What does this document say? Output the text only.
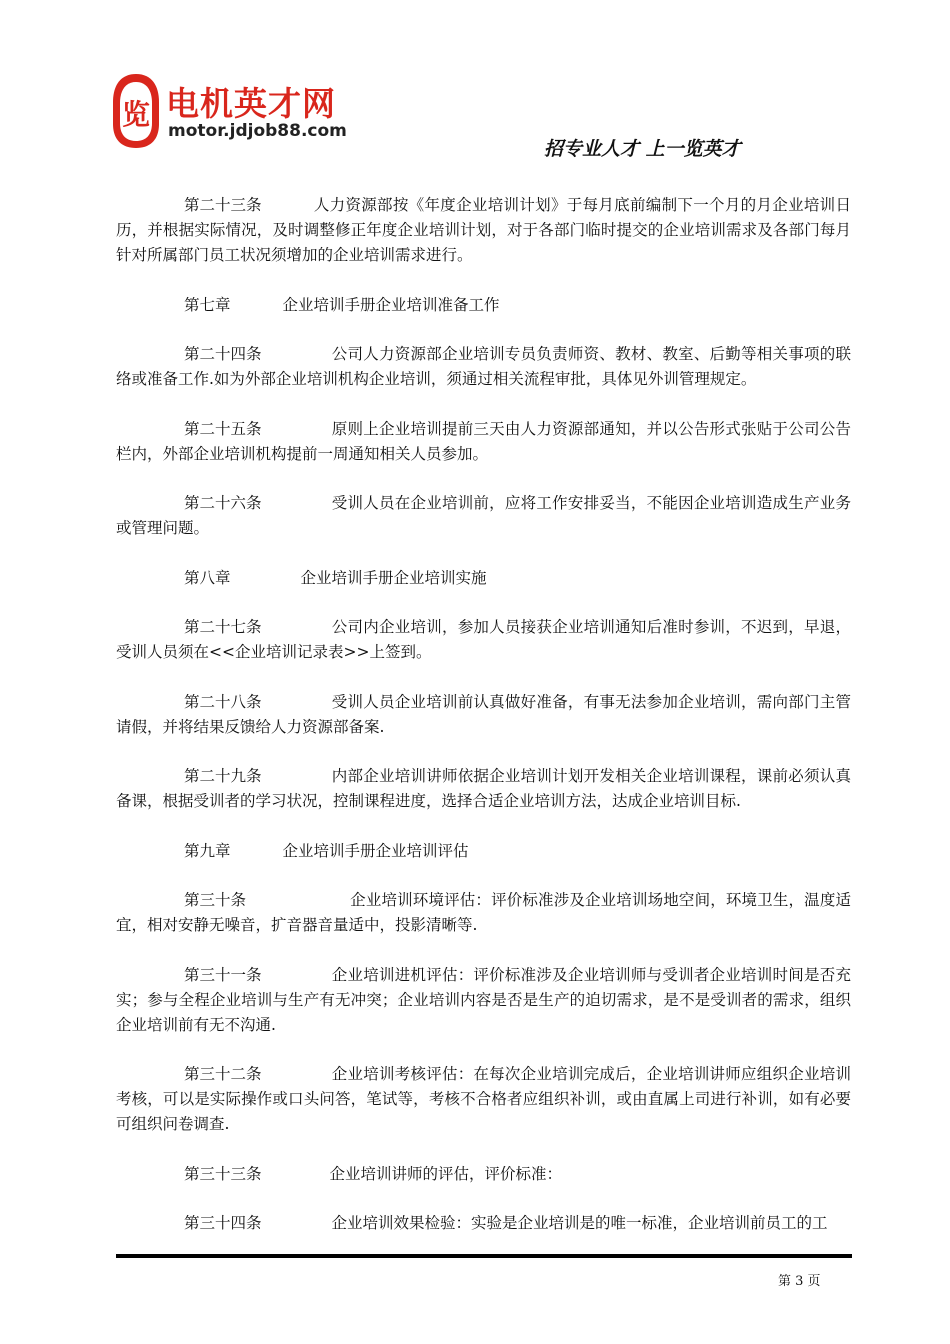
览 电机英才网
motor.jdjob88.com
招专业人才 上一览英才

第二十三条	人力资源部按《年度企业培训计划》于每月底前编制下一个月的月企业培训日历，并根据实际情况，及时调整修正年度企业培训计划，对于各部门临时提交的企业培训需求及各部门每月针对所属部门员工状况须增加的企业培训需求进行。

第七章	企业培训手册企业培训准备工作

第二十四条	公司人力资源部企业培训专员负责师资、教材、教室、后勤等相关事项的联络或准备工作.如为外部企业培训机构企业培训，须通过相关流程审批，具体见外训管理规定。

第二十五条	原则上企业培训提前三天由人力资源部通知，并以公告形式张贴于公司公告栏内，外部企业培训机构提前一周通知相关人员参加。

第二十六条	受训人员在企业培训前，应将工作安排妥当，不能因企业培训造成生产业务或管理问题。

第八章	企业培训手册企业培训实施

第二十七条	公司内企业培训，参加人员接获企业培训通知后准时参训，不迟到，早退，受训人员须在<<企业培训记录表>>上签到。

第二十八条	受训人员企业培训前认真做好准备，有事无法参加企业培训，需向部门主管请假，并将结果反馈给人力资源部备案.

第二十九条	内部企业培训讲师依据企业培训计划开发相关企业培训课程，课前必须认真备课，根据受训者的学习状况，控制课程进度，选择合适企业培训方法，达成企业培训目标.

第九章	企业培训手册企业培训评估

第三十条	企业培训环境评估：评价标准涉及企业培训场地空间，环境卫生，温度适宜，相对安静无噪音，扩音器音量适中，投影清晰等.

第三十一条	企业培训进机评估：评价标准涉及企业培训师与受训者企业培训时间是否充实；参与全程企业培训与生产有无冲突；企业培训内容是否是生产的迫切需求，是不是受训者的需求，组织企业培训前有无不沟通.

第三十二条	企业培训考核评估：在每次企业培训完成后，企业培训讲师应组织企业培训考核，可以是实际操作或口头问答，笔试等，考核不合格者应组织补训，或由直属上司进行补训，如有必要可组织问卷调查.

第三十三条	企业培训讲师的评估，评价标准：

第三十四条	企业培训效果检验：实验是企业培训是的唯一标准，企业培训前员工的工

第 3 页
